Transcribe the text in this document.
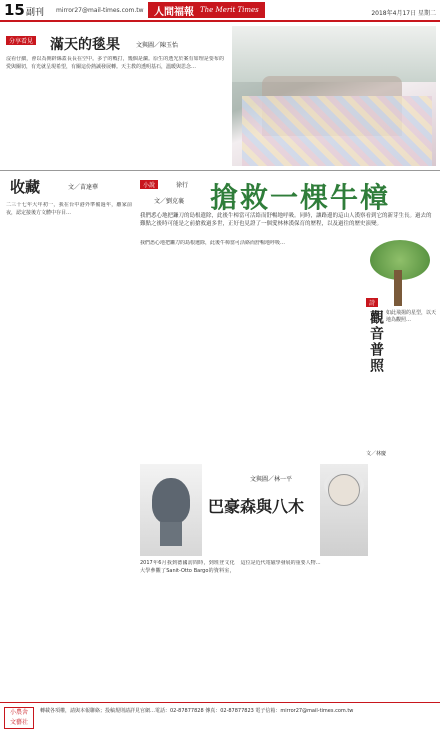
15 副刊 mirror27@mail-times.com.tw 人間福報 The Merit Times	2018年4月17日 星期二
分享看見 滿天的毯果	文與圖／陳玉怡
沒看仔細，會以為開辟絲蓋長長在空中。多子的戰打，幾個是瀾。原生的透光於案有如理是要布的愛與關切，有光就呈現希望，有關這份熱誠發展轉。天主教的透明基石，溫暖與思念…
收藏	文／苗達華
二三十七年大年初一，我在台中港外準備過年，離家前夜，認定接後方文體中存目…
小說	徐行 搶救一棵牛樟
文／劉克襄
我們悉心地把鐮刀的島根遺除，此後牛樟當可活絡而舒暢地呼吸。同時，讓路邊的這山人漢察看到它的新芽生長。過去的難點之後時可能是之前搶救過多世，正好也見證了一個愛林林漢保育的歷程，以及過往的歷史演變。
我們悉心地把鐮刀的島根遺除，此後牛樟當可活絡而舒暢地呼吸…
觀音普照
詩
如此飛揚的星型，以天地為觀照…
文／林慶
文與圖／林一平
巴豪森與八木
2017年6月我到德國訪問時，到班登文化大學參觀了Sanit-Otto Bargo的資料室，這位是近代電磁學發展的重要人物…
小農舍
文藝社
轉載各項權，請與本報聯絡；投稿規則請詳見官網…電話：02-87877828 傳真：02-87877823 電子信箱：mirror27@mail-times.com.tw
